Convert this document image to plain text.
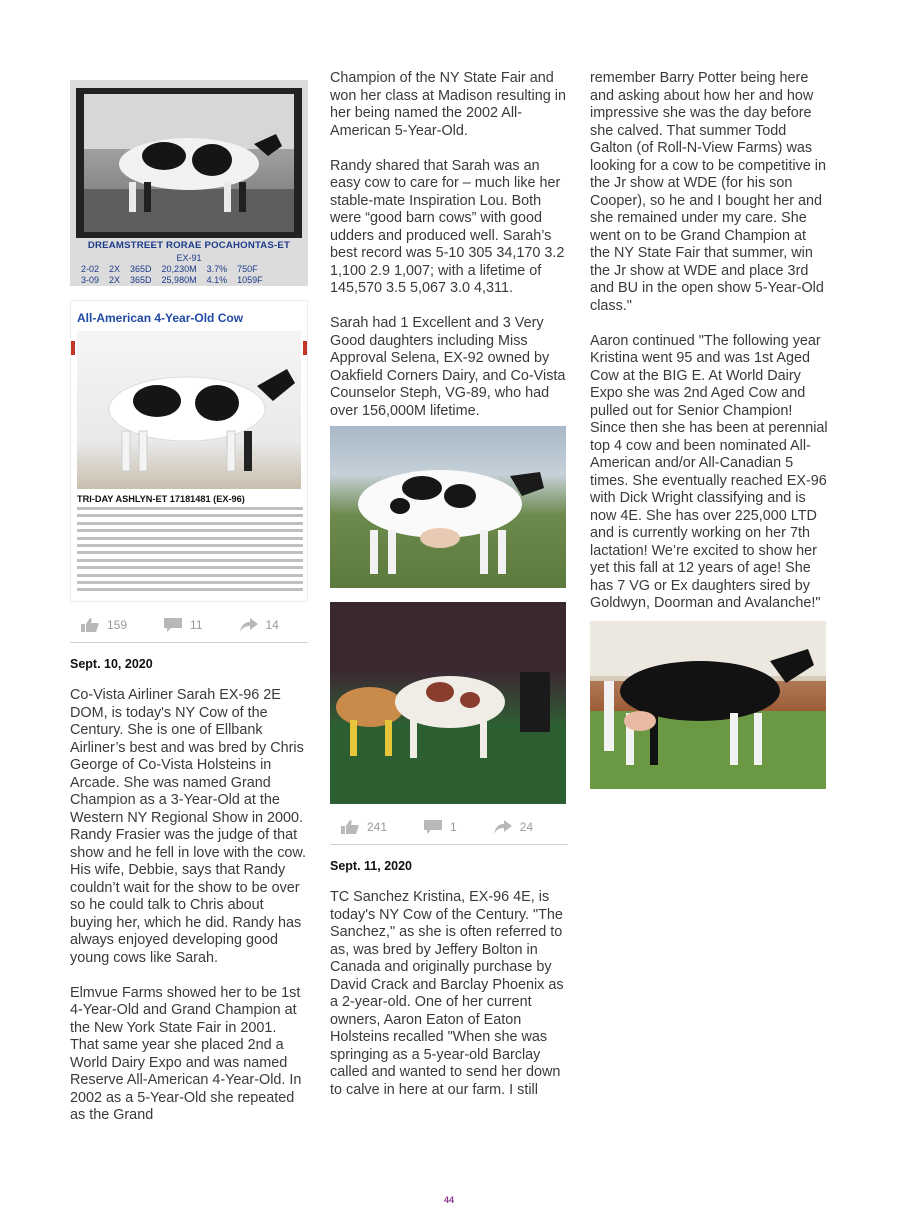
DREAMSTREET RORAE POCAHONTAS-ET
EX-91
2-02	2X	365D	20,230M	3.7%	750F
3-09	2X	365D	25,980M	4.1%	1059F
All-American 4-Year-Old Cow
TRI-DAY ASHLYN-ET 17181481 (EX-96)
159	11	14
Sept. 10, 2020

Co-Vista Airliner Sarah EX-96 2E DOM, is today's NY Cow of the Century. She is one of Ellbank Airliner’s best and was bred by Chris George of Co-Vista Holsteins in Arcade. She was named Grand Champion as a 3-Year-Old at the Western NY Regional Show in 2000. Randy Frasier was the judge of that show and he fell in love with the cow. His wife, Debbie, says that Randy couldn’t wait for the show to be over so he could talk to Chris about buying her, which he did. Randy has always enjoyed developing good young cows like Sarah.

Elmvue Farms showed her to be 1st 4-Year-Old and Grand Champion at the New York State Fair in 2001. That same year she placed 2nd a World Dairy Expo and was named Reserve All-American 4-Year-Old. In 2002 as a 5-Year-Old she repeated as the Grand

Champion of the NY State Fair and won her class at Madison resulting in her being named the 2002 All-American 5-Year-Old.

Randy shared that Sarah was an easy cow to care for – much like her stable-mate Inspiration Lou. Both were “good barn cows” with good udders and produced well. Sarah’s best record was 5-10 305 34,170 3.2 1,100 2.9 1,007; with a lifetime of 145,570 3.5 5,067 3.0 4,311.

Sarah had 1 Excellent and 3 Very Good daughters including Miss Approval Selena, EX-92 owned by Oakfield Corners Dairy, and Co-Vista Counselor Steph, VG-89, who had over 156,000M lifetime.

241	1	24
Sept. 11, 2020

TC Sanchez Kristina, EX-96 4E, is today's NY Cow of the Century. "The Sanchez," as she is often referred to as, was bred by Jeffery Bolton in Canada and originally purchase by David Crack and Barclay Phoenix as a 2-year-old. One of her current owners, Aaron Eaton of Eaton Holsteins recalled "When she was springing as a 5-year-old Barclay called and wanted to send her down to calve in here at our farm. I still

remember Barry Potter being here and asking about how her and how impressive she was the day before she calved. That summer Todd Galton (of Roll-N-View Farms) was looking for a cow to be competitive in the Jr show at WDE (for his son Cooper), so he and I bought her and she remained under my care. She went on to be Grand Champion at the NY State Fair that summer, win the Jr show at WDE and place 3rd and BU in the open show 5-Year-Old class."

Aaron continued "The following year Kristina went 95 and was 1st Aged Cow at the BIG E. At World Dairy Expo she was 2nd Aged Cow and pulled out for Senior Champion! Since then she has been at perennial top 4 cow and been nominated All-American and/or All-Canadian 5 times. She eventually reached EX-96 with Dick Wright classifying and is now 4E. She has over 225,000 LTD and is currently working on her 7th lactation! We’re excited to show her yet this fall at 12 years of age! She has 7 VG or Ex daughters sired by Goldwyn, Doorman and Avalanche!"

44
